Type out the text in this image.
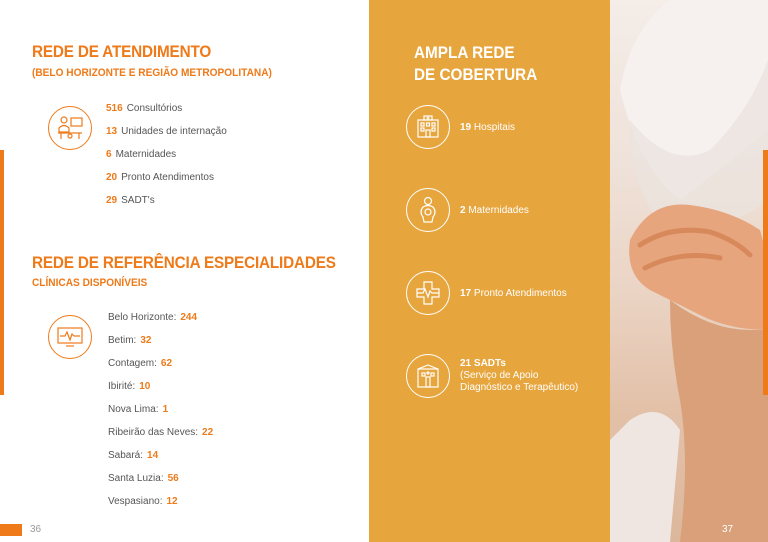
REDE DE ATENDIMENTO
(BELO HORIZONTE E REGIÃO METROPOLITANA)
516 Consultórios
13 Unidades de internação
6 Maternidades
20 Pronto Atendimentos
29 SADT's
REDE DE REFERÊNCIA ESPECIALIDADES
CLÍNICAS DISPONÍVEIS
Belo Horizonte: 244
Betim: 32
Contagem: 62
Ibirité: 10
Nova Lima: 1
Ribeirão das Neves: 22
Sabará: 14
Santa Luzia: 56
Vespasiano: 12
36
AMPLA REDE
DE COBERTURA
19 Hospitais
2 Maternidades
17 Pronto Atendimentos
21 SADTs
(Serviço de Apoio
Diagnóstico e Terapêutico)
37
